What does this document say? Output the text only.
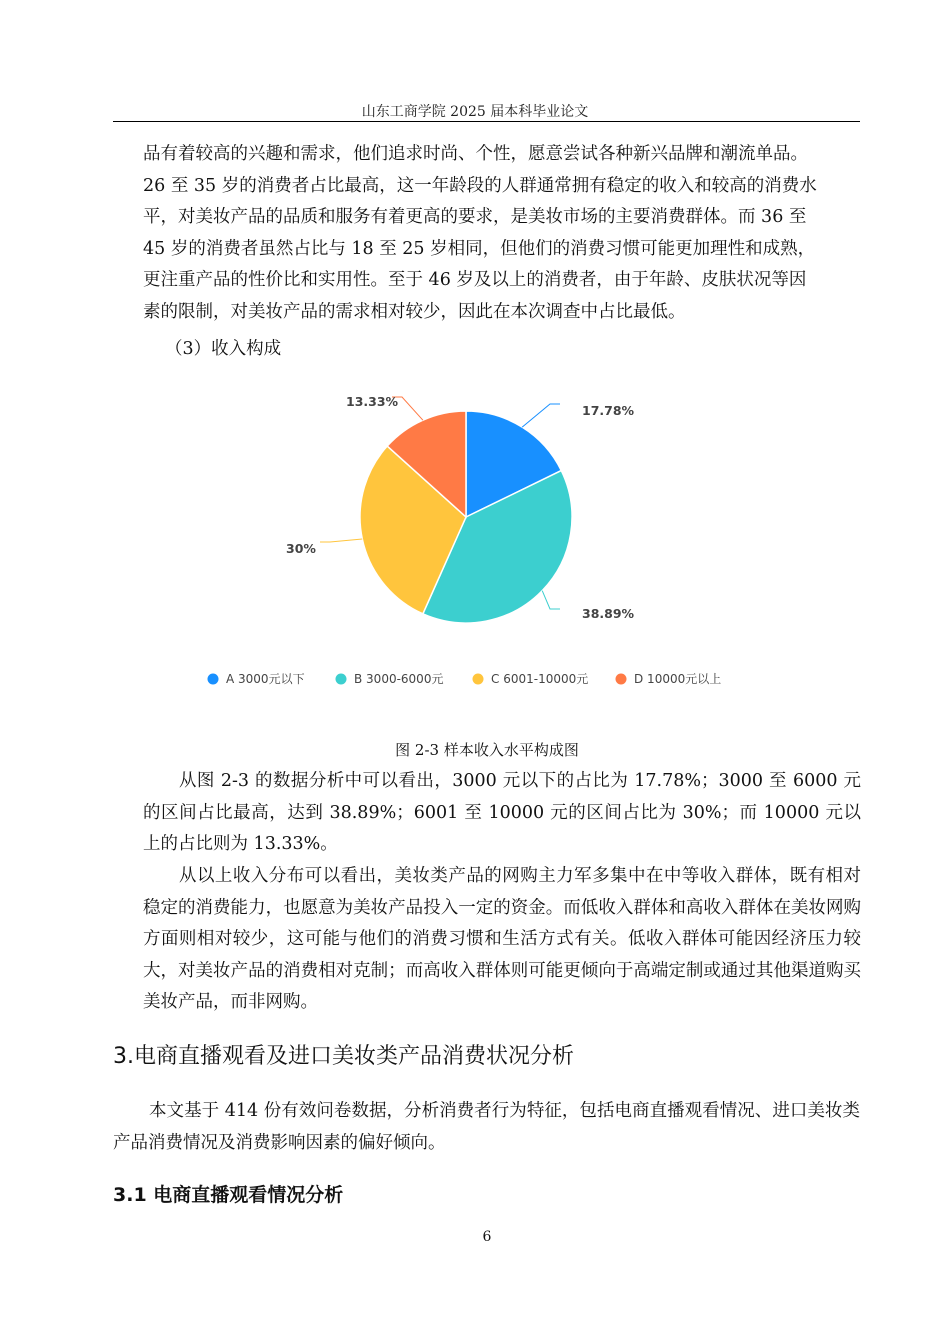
山东工商学院 2025 届本科毕业论文
品有着较高的兴趣和需求，他们追求时尚、个性，愿意尝试各种新兴品牌和潮流单品。
26 至 35 岁的消费者占比最高，这一年龄段的人群通常拥有稳定的收入和较高的消费水
平，对美妆产品的品质和服务有着更高的要求，是美妆市场的主要消费群体。而 36 至
45 岁的消费者虽然占比与 18 至 25 岁相同，但他们的消费习惯可能更加理性和成熟，
更注重产品的性价比和实用性。至于 46 岁及以上的消费者，由于年龄、皮肤状况等因
素的限制，对美妆产品的需求相对较少，因此在本次调查中占比最低。
（3）收入构成
17.78%
38.89%
30%
13.33%
A 3000元以下	B 3000-6000元	C 6001-10000元	D 10000元以上
图 2-3 样本收入水平构成图
从图 2-3 的数据分析中可以看出，3000 元以下的占比为 17.78%；3000 至 6000 元的区间占比最高，达到 38.89%；6001 至 10000 元的区间占比为 30%；而 10000 元以上的占比则为 13.33%。
从以上收入分布可以看出，美妆类产品的网购主力军多集中在中等收入群体，既有相对稳定的消费能力，也愿意为美妆产品投入一定的资金。而低收入群体和高收入群体在美妆网购方面则相对较少，这可能与他们的消费习惯和生活方式有关。低收入群体可能因经济压力较大，对美妆产品的消费相对克制；而高收入群体则可能更倾向于高端定制或通过其他渠道购买美妆产品，而非网购。
3.电商直播观看及进口美妆类产品消费状况分析
本文基于 414 份有效问卷数据，分析消费者行为特征，包括电商直播观看情况、进口美妆类产品消费情况及消费影响因素的偏好倾向。
3.1 电商直播观看情况分析
6
